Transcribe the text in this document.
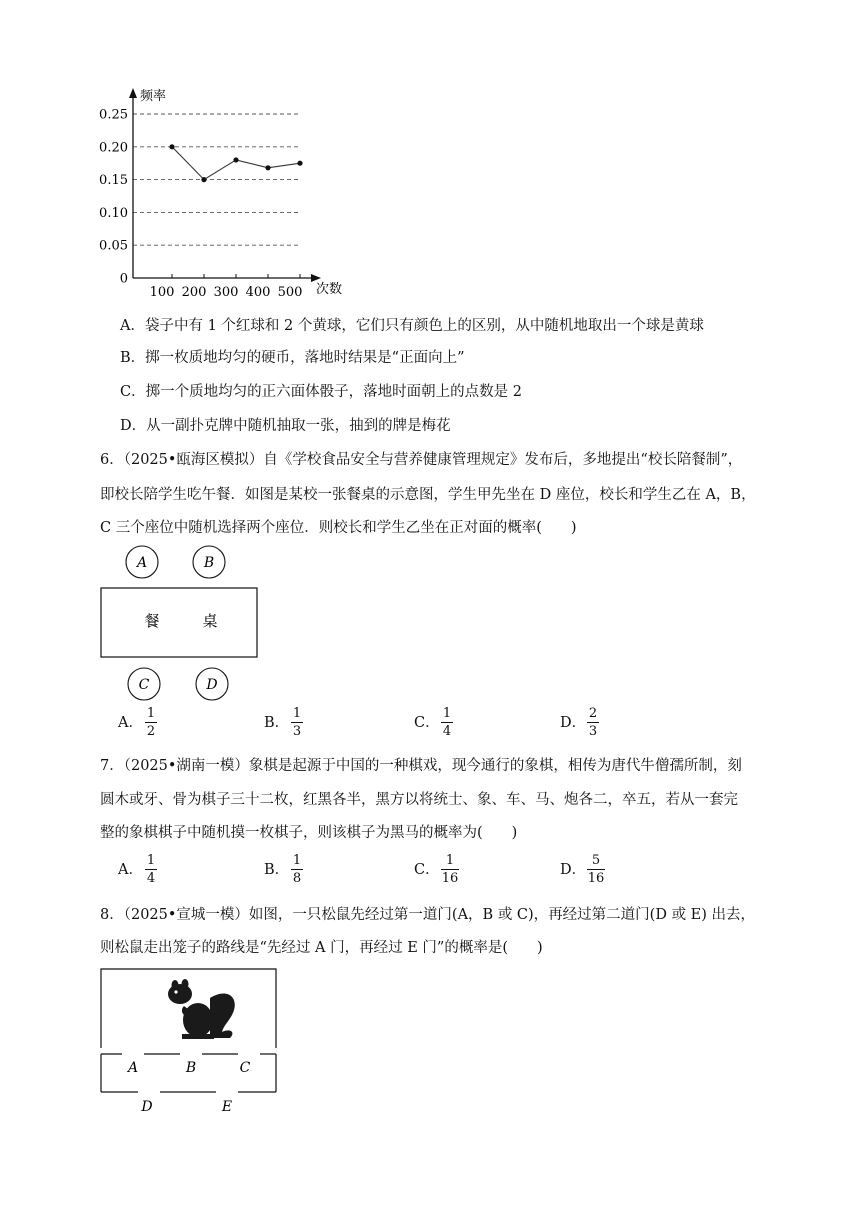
0.25
0.20
0.15
0.10
0.05
0
100 200 300 400 500
频率
次数
A．袋子中有 1 个红球和 2 个黄球，它们只有颜色上的区别，从中随机地取出一个球是黄球
B．掷一枚质地均匀的硬币，落地时结果是“正面向上”
C．掷一个质地均匀的正六面体骰子，落地时面朝上的点数是 2
D．从一副扑克牌中随机抽取一张，抽到的牌是梅花
6．（2025•瓯海区模拟）自《学校食品安全与营养健康管理规定》发布后，多地提出“校长陪餐制”，
即校长陪学生吃午餐．如图是某校一张餐桌的示意图，学生甲先坐在 D 座位，校长和学生乙在 A，B，
C 三个座位中随机选择两个座位．则校长和学生乙坐在正对面的概率(　　)
A	B
C	D
餐	桌
A．
1
2
B．
1
3
C．
1
4
D．
2
3
7．（2025•湖南一模）象棋是起源于中国的一种棋戏，现今通行的象棋，相传为唐代牛僧孺所制，刻
圆木或牙、骨为棋子三十二枚，红黑各半，黑方以将统士、象、车、马、炮各二，卒五，若从一套完
整的象棋棋子中随机摸一枚棋子，则该棋子为黑马的概率为(　　)
A．
1
4
B．
1
8
C．
1
16
D．
5
16
8．（2025•宣城一模）如图，一只松鼠先经过第一道门(A，B 或 C)，再经过第二道门(D 或 E) 出去，
则松鼠走出笼子的路线是“先经过 A 门，再经过 E 门”的概率是(　　)
A	B	C
D	E
